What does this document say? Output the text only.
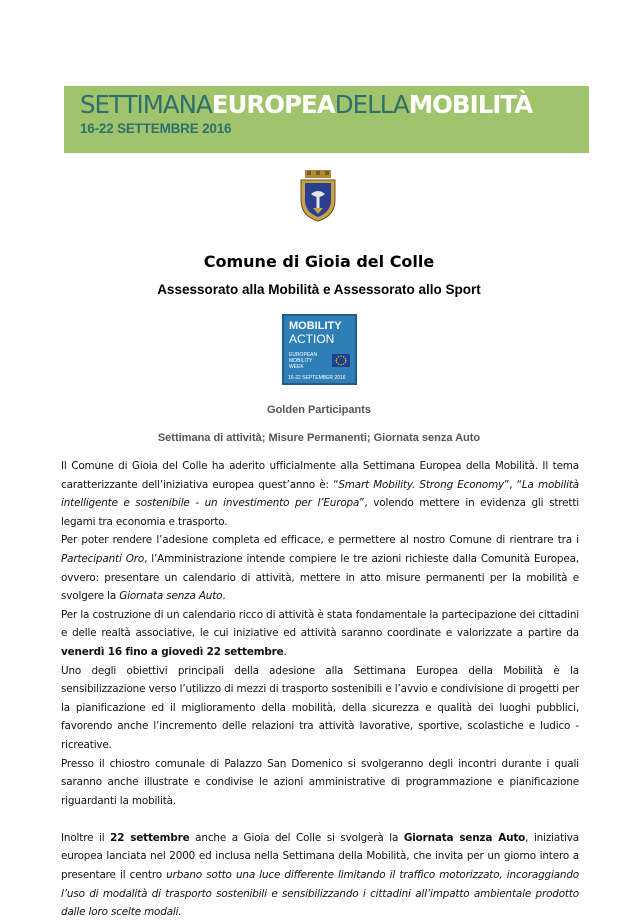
SETTIMANAEUROPEADELLAMOBILITÀ
16-22 SETTEMBRE 2016
Comune di Gioia del Colle
Assessorato alla Mobilità e Assessorato allo Sport
MOBILITY
ACTION
EUROPEAN
MOBILITY
WEEK
16-22 SEPTEMBER 2016
Golden Participants
Settimana di attività; Misure Permanenti; Giornata senza Auto

Il Comune di Gioia del Colle ha aderito ufficialmente alla Settimana Europea della Mobilità. Il tema caratterizzante dell’iniziativa europea quest’anno è: “Smart Mobility. Strong Economy”, “La mobilità intelligente e sostenibile - un investimento per l’Europa”, volendo mettere in evidenza gli stretti legami tra economia e trasporto.

Per poter rendere l’adesione completa ed efficace, e permettere al nostro Comune di rientrare tra i Partecipanti Oro, l’Amministrazione intende compiere le tre azioni richieste dalla Comunità Europea, ovvero: presentare un calendario di attività, mettere in atto misure permanenti per la mobilità e svolgere la Giornata senza Auto.

Per la costruzione di un calendario ricco di attività è stata fondamentale la partecipazione dei cittadini e delle realtà associative, le cui iniziative ed attività saranno coordinate e valorizzate a partire da venerdì 16 fino a giovedì 22 settembre.

Uno degli obiettivi principali della adesione alla Settimana Europea della Mobilità è la sensibilizzazione verso l’utilizzo di mezzi di trasporto sostenibili e l’avvio e condivisione di progetti per la pianificazione ed il miglioramento della mobilità, della sicurezza e qualità dei luoghi pubblici, favorendo anche l’incremento delle relazioni tra attività lavorative, sportive, scolastiche e ludico - ricreative.

Presso il chiostro comunale di Palazzo San Domenico si svolgeranno degli incontri durante i quali saranno anche illustrate e condivise le azioni amministrative di programmazione e pianificazione riguardanti la mobilità.

Inoltre il 22 settembre anche a Gioia del Colle si svolgerà la Giornata senza Auto, iniziativa europea lanciata nel 2000 ed inclusa nella Settimana della Mobilità, che invita per un giorno intero a presentare il centro urbano sotto una luce differente limitando il traffico motorizzato, incoraggiando l’uso di modalità di trasporto sostenibili e sensibilizzando i cittadini all’impatto ambientale prodotto dalle loro scelte modali.
